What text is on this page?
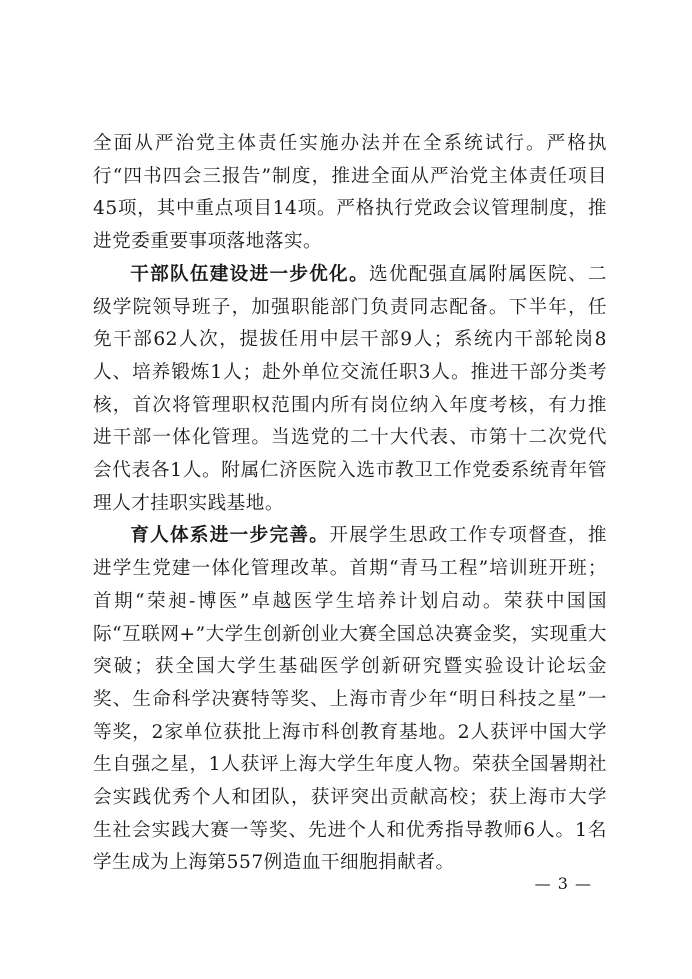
全面从严治党主体责任实施办法并在全系统试行。严格执行“四书四会三报告”制度，推进全面从严治党主体责任项目45项，其中重点项目14项。严格执行党政会议管理制度，推进党委重要事项落地落实。

干部队伍建设进一步优化。选优配强直属附属医院、二级学院领导班子，加强职能部门负责同志配备。下半年，任免干部62人次，提拔任用中层干部9人；系统内干部轮岗8人、培养锻炼1人；赴外单位交流任职3人。推进干部分类考核，首次将管理职权范围内所有岗位纳入年度考核，有力推进干部一体化管理。当选党的二十大代表、市第十二次党代会代表各1人。附属仁济医院入选市教卫工作党委系统青年管理人才挂职实践基地。

育人体系进一步完善。开展学生思政工作专项督查，推进学生党建一体化管理改革。首期“青马工程”培训班开班；首期“荣昶-博医”卓越医学生培养计划启动。荣获中国国际“互联网+”大学生创新创业大赛全国总决赛金奖，实现重大突破；获全国大学生基础医学创新研究暨实验设计论坛金奖、生命科学决赛特等奖、上海市青少年“明日科技之星”一等奖，2家单位获批上海市科创教育基地。2人获评中国大学生自强之星，1人获评上海大学生年度人物。荣获全国暑期社会实践优秀个人和团队，获评突出贡献高校；获上海市大学生社会实践大赛一等奖、先进个人和优秀指导教师6人。1名学生成为上海第557例造血干细胞捐献者。

— 3 —
